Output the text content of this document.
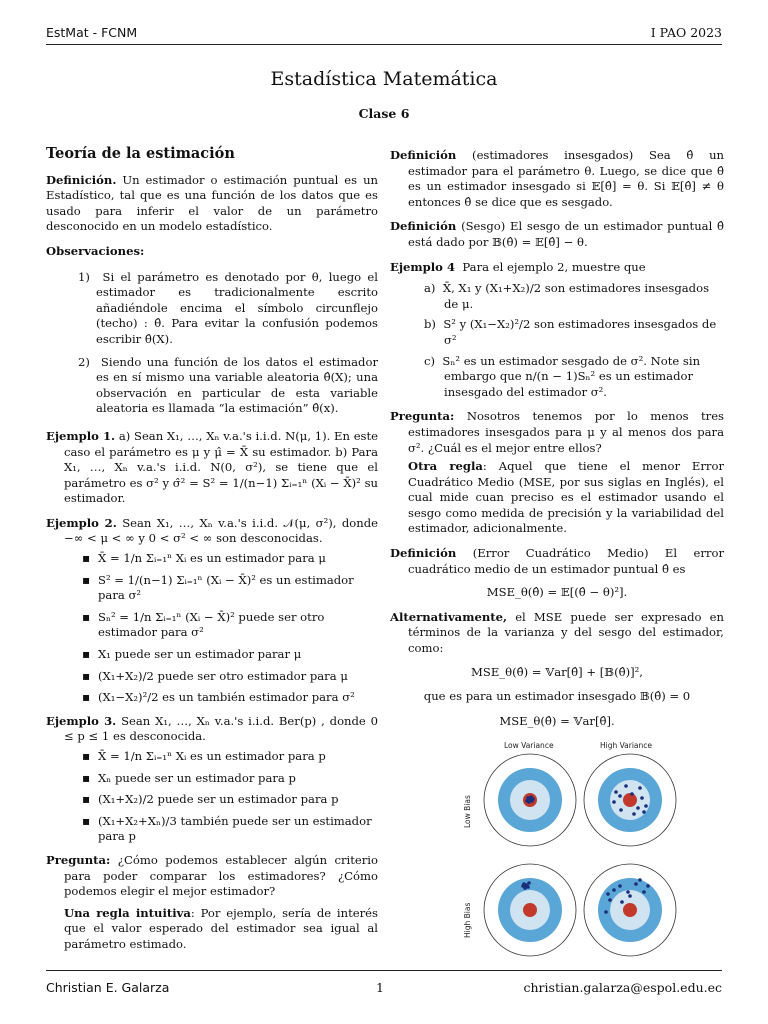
EstMat - FCNM	I PAO 2023
Estadística Matemática
Clase 6
Teoría de la estimación

Definición. Un estimador o estimación puntual es un Estadístico, tal que es una función de los datos que es usado para inferir el valor de un parámetro desconocido en un modelo estadístico.

Observaciones:

1) Si el parámetro es denotado por θ, luego el estimador es tradicionalmente escrito añadiéndole encima el símbolo circunflejo (techo) : θ̂. Para evitar la confusión podemos escribir θ̂(X).

2) Siendo una función de los datos el estimador es en sí mismo una variable aleatoria θ̂(X); una observación en particular de esta variable aleatoria es llamada “la estimación” θ̂(x).

Ejemplo 1. a) Sean X₁, …, Xₙ v.a.'s i.i.d. N(μ, 1). En este caso el parámetro es μ y μ̂ = X̄ su estimador. b) Para X₁, …, Xₙ v.a.'s i.i.d. N(0, σ²), se tiene que el parámetro es σ² y σ̂² = S² = 1/(n−1) Σᵢ₌₁ⁿ (Xᵢ − X̄)² su estimador.

Ejemplo 2. Sean X₁, …, Xₙ v.a.'s i.i.d. 𝒩(μ, σ²), donde −∞ < μ < ∞ y 0 < σ² < ∞ son desconocidas.

▪ X̄ = 1/n Σᵢ₌₁ⁿ Xᵢ es un estimador para μ
▪ S² = 1/(n−1) Σᵢ₌₁ⁿ (Xᵢ − X̄)² es un estimador para σ²
▪ Sₙ² = 1/n Σᵢ₌₁ⁿ (Xᵢ − X̄)² puede ser otro estimador para σ²
▪ X₁ puede ser un estimador parar μ
▪ (X₁+X₂)/2 puede ser otro estimador para μ
▪ (X₁−X₂)²/2 es un también estimador para σ²

Ejemplo 3. Sean X₁, …, Xₙ v.a.'s i.i.d. Ber(p) , donde 0 ≤ p ≤ 1 es desconocida.

▪ X̄ = 1/n Σᵢ₌₁ⁿ Xᵢ es un estimador para p
▪ Xₙ puede ser un estimador para p
▪ (X₁+X₂)/2 puede ser un estimador para p
▪ (X₁+X₂+Xₙ)/3 también puede ser un estimador para p

Pregunta: ¿Cómo podemos establecer algún criterio para poder comparar los estimadores? ¿Cómo podemos elegir el mejor estimador?

Una regla intuitiva: Por ejemplo, sería de interés que el valor esperado del estimador sea igual al parámetro estimado.

Definición (estimadores insesgados) Sea θ̂ un estimador para el parámetro θ. Luego, se dice que θ̂ es un estimador insesgado si 𝔼[θ̂] = θ. Si 𝔼[θ̂] ≠ θ entonces θ̂ se dice que es sesgado.

Definición (Sesgo) El sesgo de un estimador puntual θ̂ está dado por 𝔹(θ̂) = 𝔼[θ̂] − θ.

Ejemplo 4 Para el ejemplo 2, muestre que

a) X̄, X₁ y (X₁+X₂)/2 son estimadores insesgados de μ.

b) S² y (X₁−X₂)²/2 son estimadores insesgados de σ²

c) Sₙ² es un estimador sesgado de σ². Note sin embargo que n/(n − 1)Sₙ² es un estimador insesgado del estimador σ².

Pregunta: Nosotros tenemos por lo menos tres estimadores insesgados para μ y al menos dos para σ². ¿Cuál es el mejor entre ellos?

Otra regla: Aquel que tiene el menor Error Cuadrático Medio (MSE, por sus siglas en Inglés), el cual mide cuan preciso es el estimador usando el sesgo como medida de precisión y la variabilidad del estimador, adicionalmente.

Definición (Error Cuadrático Medio) El error cuadrático medio de un estimador puntual θ̂ es

MSE_θ(θ̂) = 𝔼[(θ̂ − θ)²].

Alternativamente, el MSE puede ser expresado en términos de la varianza y del sesgo del estimador, como:

MSE_θ(θ̂) = 𝕍ar[θ̂] + [𝔹(θ̂)]²,
que es para un estimador insesgado 𝔹(θ̂) = 0
MSE_θ(θ̂) = 𝕍ar[θ̂].
Low Variance	High Variance
Low Bias
High Bias
Christian E. Galarza	1	christian.galarza@espol.edu.ec
